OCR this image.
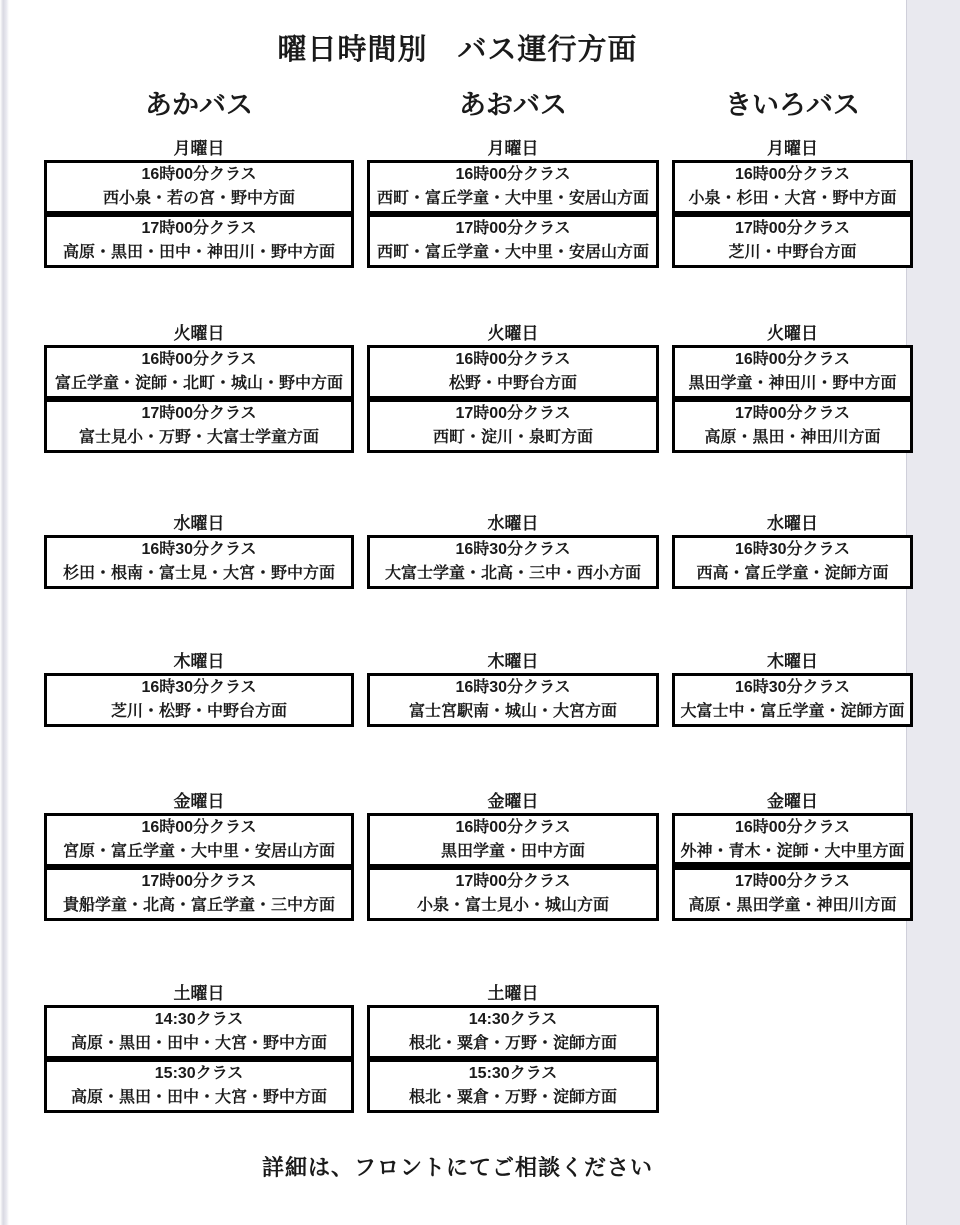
曜日時間別　バス運行方面
あかバス	あおバス	きいろバス
月曜日
16時00分クラス
西小泉・若の宮・野中方面
17時00分クラス
高原・黒田・田中・神田川・野中方面
月曜日
16時00分クラス
西町・富丘学童・大中里・安居山方面
17時00分クラス
西町・富丘学童・大中里・安居山方面
月曜日
16時00分クラス
小泉・杉田・大宮・野中方面
17時00分クラス
芝川・中野台方面
火曜日
16時00分クラス
富丘学童・淀師・北町・城山・野中方面
17時00分クラス
富士見小・万野・大富士学童方面
火曜日
16時00分クラス
松野・中野台方面
17時00分クラス
西町・淀川・泉町方面
火曜日
16時00分クラス
黒田学童・神田川・野中方面
17時00分クラス
高原・黒田・神田川方面
水曜日
16時30分クラス
杉田・根南・富士見・大宮・野中方面
水曜日
16時30分クラス
大富士学童・北高・三中・西小方面
水曜日
16時30分クラス
西高・富丘学童・淀師方面
木曜日
16時30分クラス
芝川・松野・中野台方面
木曜日
16時30分クラス
富士宮駅南・城山・大宮方面
木曜日
16時30分クラス
大富士中・富丘学童・淀師方面
金曜日
16時00分クラス
宮原・富丘学童・大中里・安居山方面
17時00分クラス
貴船学童・北高・富丘学童・三中方面
金曜日
16時00分クラス
黒田学童・田中方面
17時00分クラス
小泉・富士見小・城山方面
金曜日
16時00分クラス
外神・青木・淀師・大中里方面
17時00分クラス
高原・黒田学童・神田川方面
土曜日
14:30クラス
高原・黒田・田中・大宮・野中方面
15:30クラス
高原・黒田・田中・大宮・野中方面
土曜日
14:30クラス
根北・粟倉・万野・淀師方面
15:30クラス
根北・粟倉・万野・淀師方面
詳細は、フロントにてご相談ください
